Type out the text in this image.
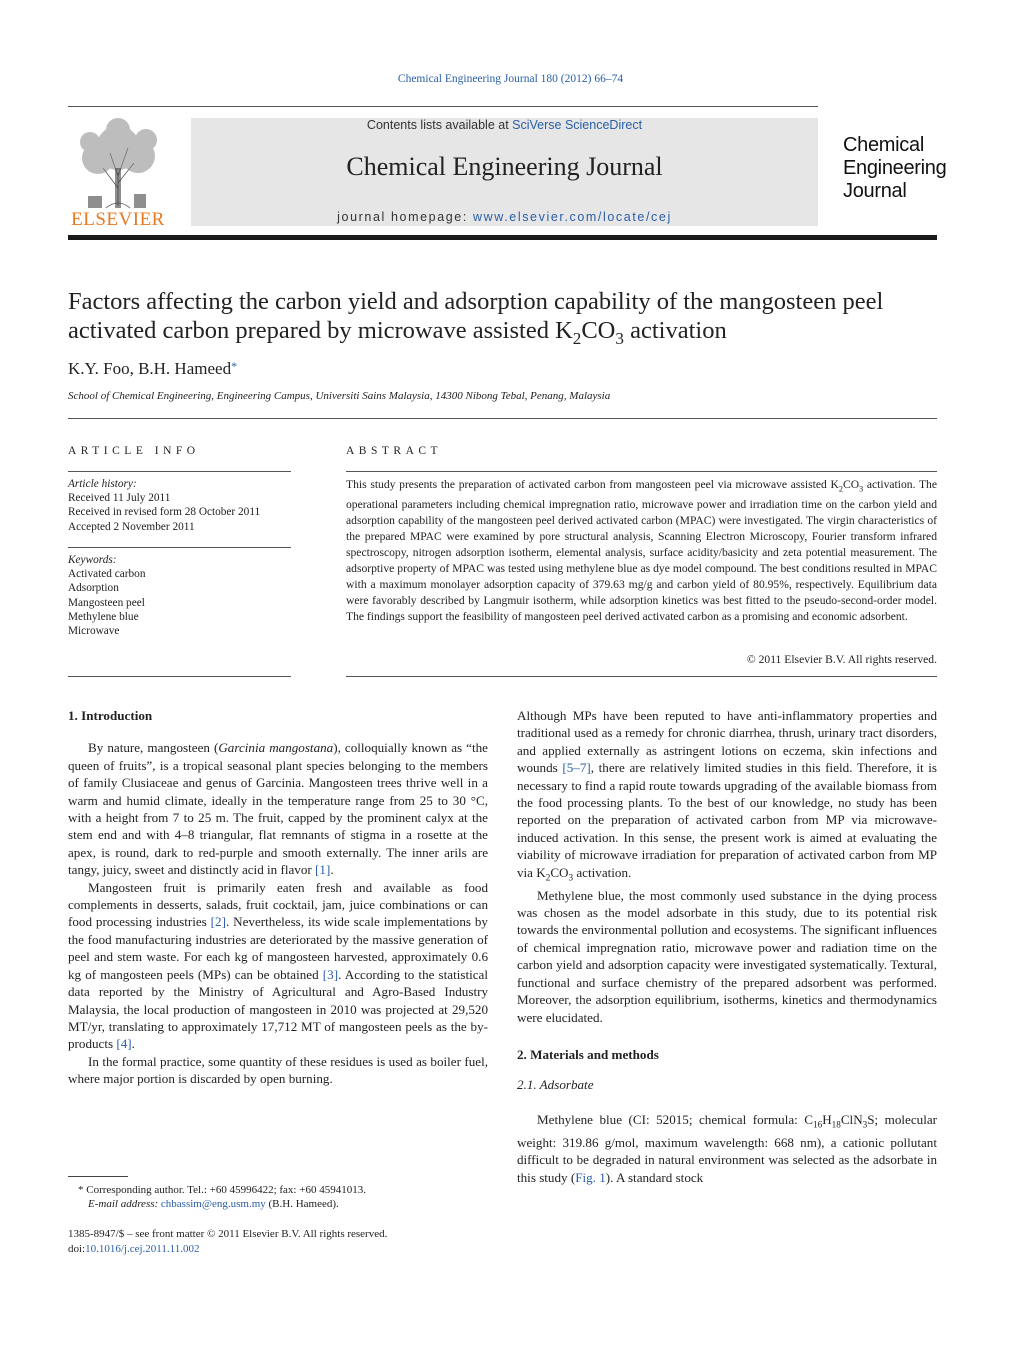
Chemical Engineering Journal 180 (2012) 66–74
ELSEVIER
Contents lists available at SciVerse ScienceDirect
Chemical Engineering Journal
journal homepage: www.elsevier.com/locate/cej
Chemical
Engineering
Journal
Factors affecting the carbon yield and adsorption capability of the mangosteen peel activated carbon prepared by microwave assisted $K_2CO_3$ activation
K.Y. Foo, B.H. Hameed*
School of Chemical Engineering, Engineering Campus, Universiti Sains Malaysia, 14300 Nibong Tebal, Penang, Malaysia
ARTICLE INFO
Article history:
Received 11 July 2011
Received in revised form 28 October 2011
Accepted 2 November 2011
Keywords:
Activated carbon
Adsorption
Mangosteen peel
Methylene blue
Microwave
ABSTRACT
This study presents the preparation of activated carbon from mangosteen peel via microwave assisted $K_2CO_3$ activation. The operational parameters including chemical impregnation ratio, microwave power and irradiation time on the carbon yield and adsorption capability of the mangosteen peel derived activated carbon (MPAC) were investigated. The virgin characteristics of the prepared MPAC were examined by pore structural analysis, Scanning Electron Microscopy, Fourier transform infrared spectroscopy, nitrogen adsorption isotherm, elemental analysis, surface acidity/basicity and zeta potential measurement. The adsorptive property of MPAC was tested using methylene blue as dye model compound. The best conditions resulted in MPAC with a maximum monolayer adsorption capacity of 379.63 mg/g and carbon yield of 80.95%, respectively. Equilibrium data were favorably described by Langmuir isotherm, while adsorption kinetics was best fitted to the pseudo-second-order model. The findings support the feasibility of mangosteen peel derived activated carbon as a promising and economic adsorbent.
© 2011 Elsevier B.V. All rights reserved.
1. Introduction

By nature, mangosteen (Garcinia mangostana), colloquially known as “the queen of fruits”, is a tropical seasonal plant species belonging to the members of family Clusiaceae and genus of Garcinia. Mangosteen trees thrive well in a warm and humid climate, ideally in the temperature range from 25 to 30 °C, with a height from 7 to 25 m. The fruit, capped by the prominent calyx at the stem end and with 4–8 triangular, flat remnants of stigma in a rosette at the apex, is round, dark to red-purple and smooth externally. The inner arils are tangy, juicy, sweet and distinctly acid in flavor [1].

Mangosteen fruit is primarily eaten fresh and available as food complements in desserts, salads, fruit cocktail, jam, juice combinations or can food processing industries [2]. Nevertheless, its wide scale implementations by the food manufacturing industries are deteriorated by the massive generation of peel and stem waste. For each kg of mangosteen harvested, approximately 0.6 kg of mangosteen peels (MPs) can be obtained [3]. According to the statistical data reported by the Ministry of Agricultural and Agro-Based Industry Malaysia, the local production of mangosteen in 2010 was projected at 29,520 MT/yr, translating to approximately 17,712 MT of mangosteen peels as the by-products [4].

In the formal practice, some quantity of these residues is used as boiler fuel, where major portion is discarded by open burning.

Although MPs have been reputed to have anti-inflammatory properties and traditional used as a remedy for chronic diarrhea, thrush, urinary tract disorders, and applied externally as astringent lotions on eczema, skin infections and wounds [5–7], there are relatively limited studies in this field. Therefore, it is necessary to find a rapid route towards upgrading of the available biomass from the food processing plants. To the best of our knowledge, no study has been reported on the preparation of activated carbon from MP via microwave-induced activation. In this sense, the present work is aimed at evaluating the viability of microwave irradiation for preparation of activated carbon from MP via $K_2CO_3$ activation.

Methylene blue, the most commonly used substance in the dying process was chosen as the model adsorbate in this study, due to its potential risk towards the environmental pollution and ecosystems. The significant influences of chemical impregnation ratio, microwave power and radiation time on the carbon yield and adsorption capacity were investigated systematically. Textural, functional and surface chemistry of the prepared adsorbent was performed. Moreover, the adsorption equilibrium, isotherms, kinetics and thermodynamics were elucidated.

2. Materials and methods
2.1. Adsorbate

Methylene blue (CI: 52015; chemical formula: $C_{16}H_{18}ClN_3S$; molecular weight: 319.86 g/mol, maximum wavelength: 668 nm), a cationic pollutant difficult to be degraded in natural environment was selected as the adsorbate in this study (Fig. 1). A standard stock

* Corresponding author. Tel.: +60 45996422; fax: +60 45941013.
E-mail address: chbassim@eng.usm.my (B.H. Hameed).
1385-8947/$ – see front matter © 2011 Elsevier B.V. All rights reserved.
doi:10.1016/j.cej.2011.11.002
